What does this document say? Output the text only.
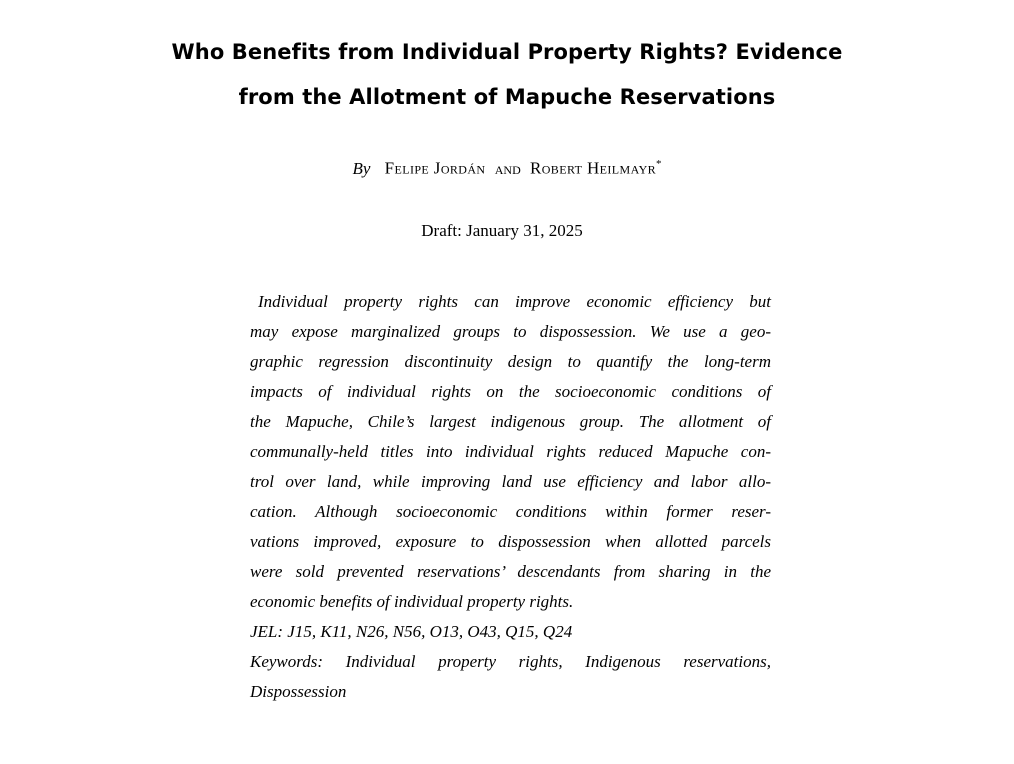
Who Benefits from Individual Property Rights? Evidence
from the Allotment of Mapuche Reservations
By Felipe Jordán and Robert Heilmayr*
Draft: January 31, 2025
Individual property rights can improve economic efficiency but
may expose marginalized groups to dispossession. We use a geo-
graphic regression discontinuity design to quantify the long-term
impacts of individual rights on the socioeconomic conditions of
the Mapuche, Chile’s largest indigenous group. The allotment of
communally-held titles into individual rights reduced Mapuche con-
trol over land, while improving land use efficiency and labor allo-
cation. Although socioeconomic conditions within former reser-
vations improved, exposure to dispossession when allotted parcels
were sold prevented reservations’ descendants from sharing in the
economic benefits of individual property rights.
JEL: J15, K11, N26, N56, O13, O43, Q15, Q24
Keywords: Individual property rights, Indigenous reservations,
Dispossession
